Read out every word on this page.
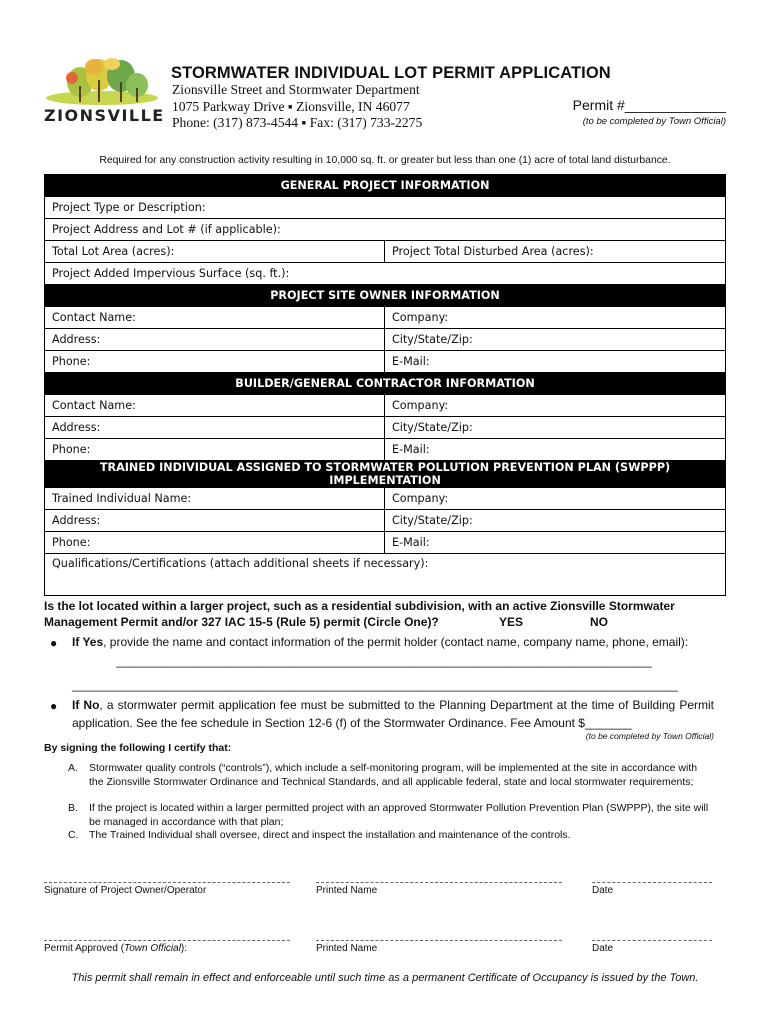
ZIONSVILLE
STORMWATER INDIVIDUAL LOT PERMIT APPLICATION
Zionsville Street and Stormwater Department
1075 Parkway Drive ▪ Zionsville, IN 46077
Phone: (317) 873-4544 ▪ Fax: (317) 733-2275
Permit #_____________
(to be completed by Town Official)
Required for any construction activity resulting in 10,000 sq. ft. or greater but less than one (1) acre of total land disturbance.
GENERAL PROJECT INFORMATION	
Project Type or Description:	
Project Address and Lot # (if applicable):	
Total Lot Area (acres):	Project Total Disturbed Area (acres):
Project Added Impervious Surface (sq. ft.):	
PROJECT SITE OWNER INFORMATION	
Contact Name:	Company:
Address:	City/State/Zip:
Phone:	E-Mail:
BUILDER/GENERAL CONTRACTOR INFORMATION	
Contact Name:	Company:
Address:	City/State/Zip:
Phone:	E-Mail:
TRAINED INDIVIDUAL ASSIGNED TO STORMWATER POLLUTION PREVENTION PLAN (SWPPP) IMPLEMENTATION	
Trained Individual Name:	Company:
Address:	City/State/Zip:
Phone:	E-Mail:
Qualifications/Certifications (attach additional sheets if necessary):	
Is the lot located within a larger project, such as a residential subdivision, with an active Zionsville Stormwater
Management Permit and/or 327 IAC 15-5 (Rule 5) permit (Circle One)?	YES	NO
● If Yes, provide the name and contact information of the permit holder (contact name, company name, phone, email):
____________________________________________________________________________________
_______________________________________________________________________________________________
● If No, a stormwater permit application fee must be submitted to the Planning Department at the time of Building Permit application. See the fee schedule in Section 12-6 (f) of the Stormwater Ordinance. Fee Amount $_______
(to be completed by Town Official)
By signing the following I certify that:
A. Stormwater quality controls (“controls”), which include a self-monitoring program, will be implemented at the site in accordance with the Zionsville Stormwater Ordinance and Technical Standards, and all applicable federal, state and local stormwater requirements;
B. If the project is located within a larger permitted project with an approved Stormwater Pollution Prevention Plan (SWPPP), the site will be managed in accordance with that plan;
C. The Trained Individual shall oversee, direct and inspect the installation and maintenance of the controls.
Signature of Project Owner/Operator	Printed Name	Date
Permit Approved (Town Official):	Printed Name	Date
This permit shall remain in effect and enforceable until such time as a permanent Certificate of Occupancy is issued by the Town.
